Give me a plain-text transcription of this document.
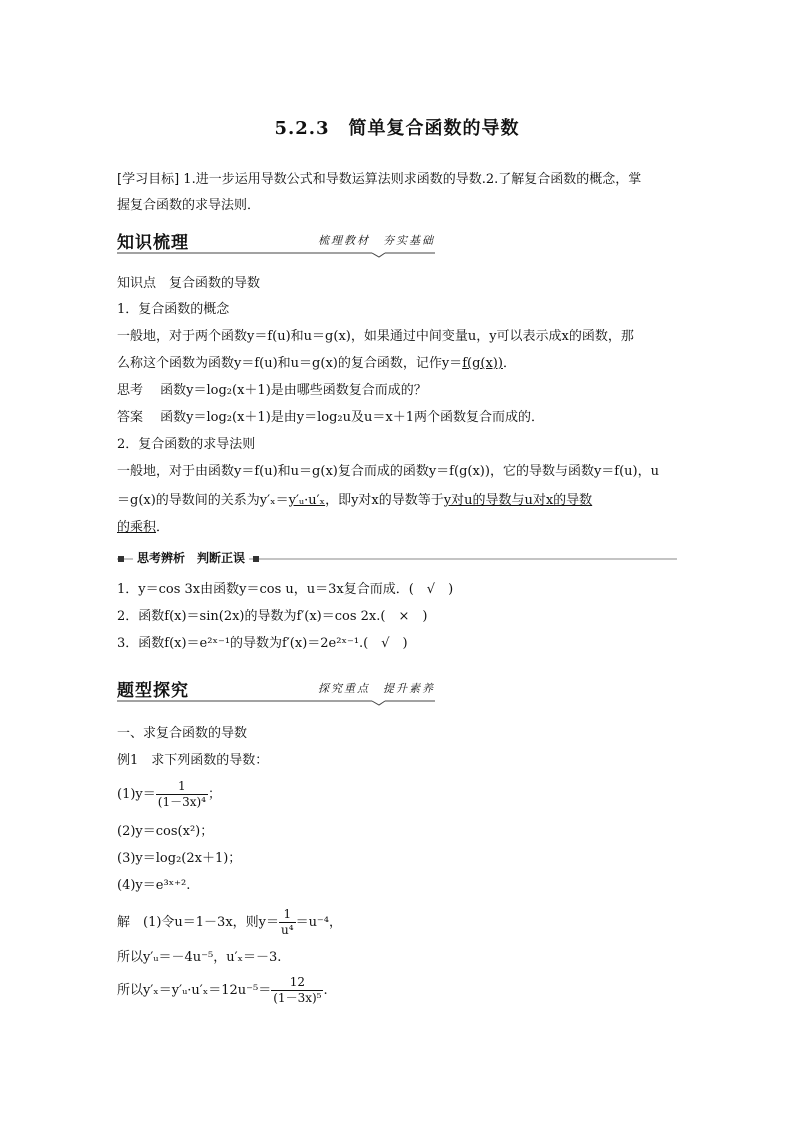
5.2.3　简单复合函数的导数
[学习目标] 1.进一步运用导数公式和导数运算法则求函数的导数.2.了解复合函数的概念，掌
握复合函数的求导法则．
知识梳理	梳理教材　夯实基础
知识点　复合函数的导数
1．复合函数的概念
一般地，对于两个函数y＝f(u)和u＝g(x)，如果通过中间变量u，y可以表示成x的函数，那
么称这个函数为函数y＝f(u)和u＝g(x)的复合函数，记作y＝f(g(x))．
思考　 函数y＝log₂(x＋1)是由哪些函数复合而成的？
答案　 函数y＝log₂(x＋1)是由y＝log₂u及u＝x＋1两个函数复合而成的．
2．复合函数的求导法则
一般地，对于由函数y＝f(u)和u＝g(x)复合而成的函数y＝f(g(x))，它的导数与函数y＝f(u)，u
＝g(x)的导数间的关系为y′ₓ＝y′ᵤ·u′ₓ，即y对x的导数等于y对u的导数与u对x的导数
的乘积．
思考辨析　判断正误
1．y＝cos 3x由函数y＝cos u，u＝3x复合而成．(　√　)
2．函数f(x)＝sin(2x)的导数为f′(x)＝cos 2x.(　×　)
3．函数f(x)＝e²ˣ⁻¹的导数为f′(x)＝2e²ˣ⁻¹.(　√　)
题型探究	探究重点　提升素养
一、求复合函数的导数
例1　求下列函数的导数：
$(1)y= \frac{1}{\text{(1－3x)⁴}}$ ；
(2)y＝cos(x²)；
(3)y＝log₂(2x＋1)；
(4)y＝e³ˣ⁺².
解　(1)令u＝1－3x，则$y= \frac{1}{\text{u⁴}} =u^{-4}$，
所以y′ᵤ＝－4u⁻⁵，u′ₓ＝－3.
所以y′ₓ＝y′ᵤ·u′ₓ＝12u⁻⁵＝ $\frac{12}{\text{(1－3x)⁵}}$ .
